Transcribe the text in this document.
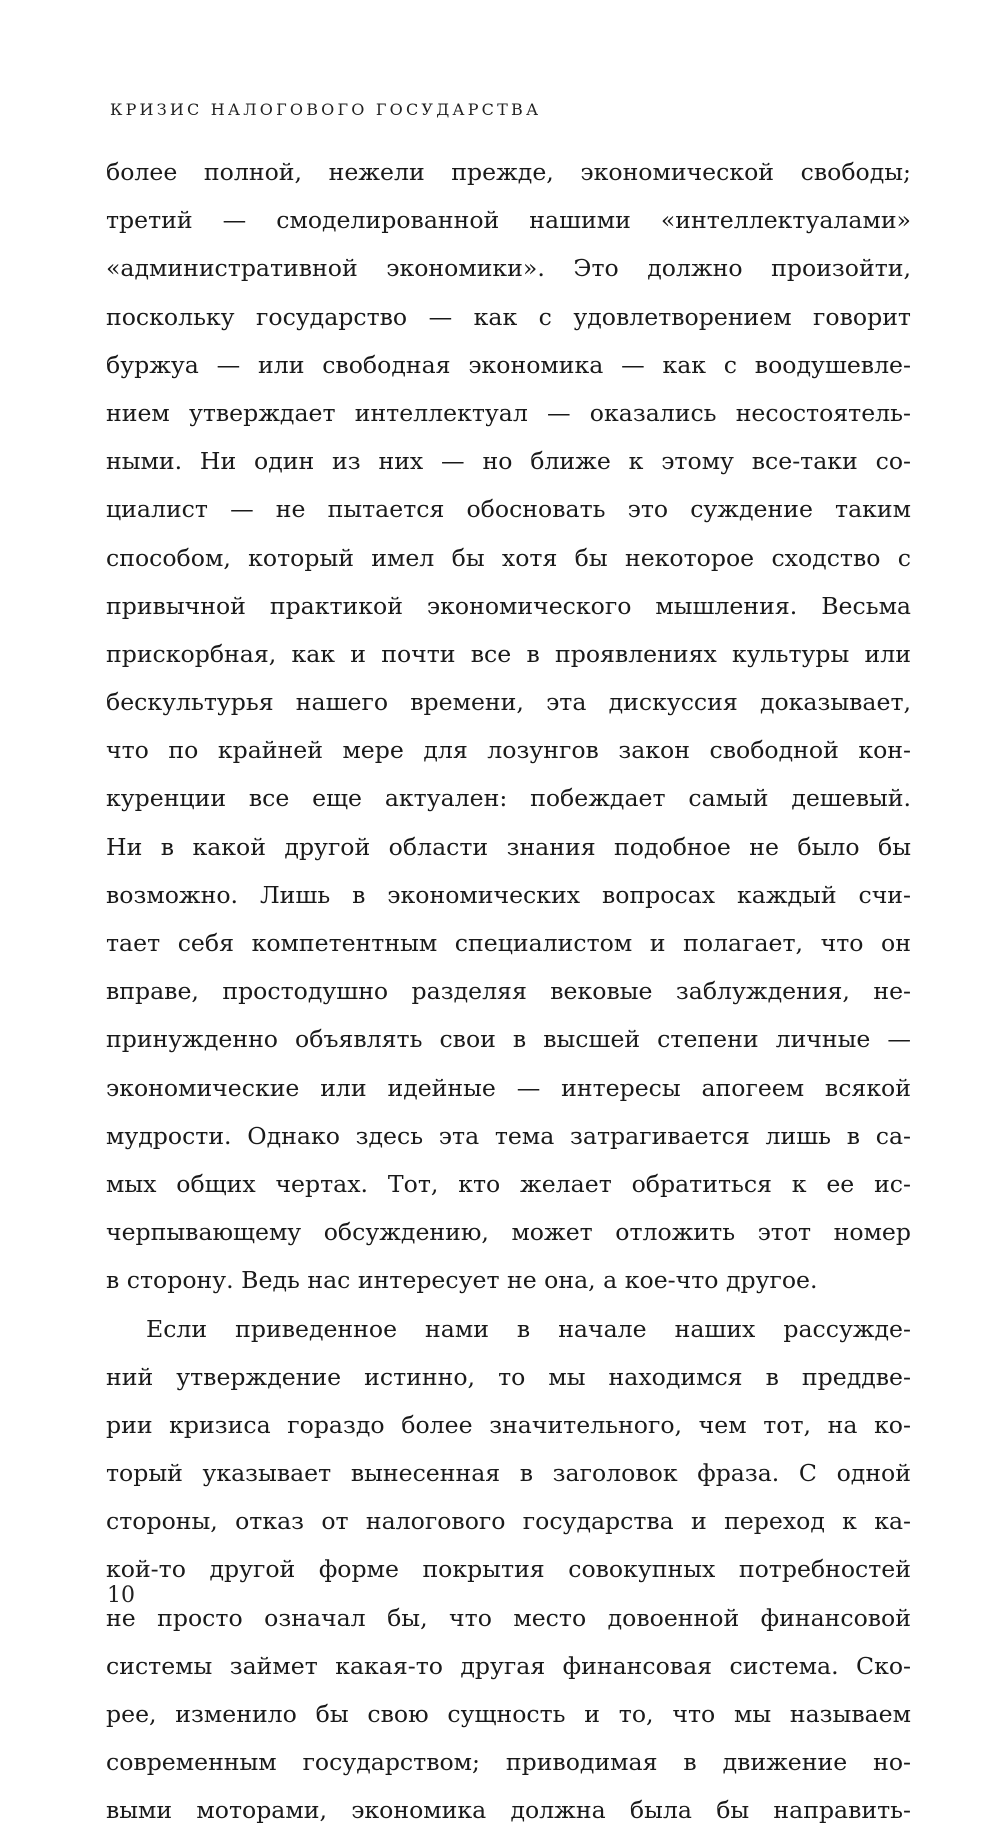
КРИЗИС НАЛОГОВОГО ГОСУДАРСТВА
более полной, нежели прежде, экономической свободы;
третий — смоделированной нашими «интеллектуалами»
«административной экономики». Это должно произойти,
поскольку государство — как с удовлетворением говорит
буржуа — или свободная экономика — как с воодушевле-
нием утверждает интеллектуал — оказались несостоятель-
ными. Ни один из них — но ближе к этому все-таки со-
циалист — не пытается обосновать это суждение таким
способом, который имел бы хотя бы некоторое сходство с
привычной практикой экономического мышления. Весьма
прискорбная, как и почти все в проявлениях культуры или
бескультурья нашего времени, эта дискуссия доказывает,
что по крайней мере для лозунгов закон свободной кон-
куренции все еще актуален: побеждает самый дешевый.
Ни в какой другой области знания подобное не было бы
возможно. Лишь в экономических вопросах каждый счи-
тает себя компетентным специалистом и полагает, что он
вправе, простодушно разделяя вековые заблуждения, не-
принужденно объявлять свои в высшей степени личные —
экономические или идейные — интересы апогеем всякой
мудрости. Однако здесь эта тема затрагивается лишь в са-
мых общих чертах. Тот, кто желает обратиться к ее ис-
черпывающему обсуждению, может отложить этот номер
в сторону. Ведь нас интересует не она, а кое-что другое.
Если приведенное нами в начале наших рассужде-
ний утверждение истинно, то мы находимся в преддве-
рии кризиса гораздо более значительного, чем тот, на ко-
торый указывает вынесенная в заголовок фраза. С одной
стороны, отказ от налогового государства и переход к ка-
кой-то другой форме покрытия совокупных потребностей
не просто означал бы, что место довоенной финансовой
системы займет какая-то другая финансовая система. Ско-
рее, изменило бы свою сущность и то, что мы называем
современным государством; приводимая в движение но-
выми моторами, экономика должна была бы направить-
10
